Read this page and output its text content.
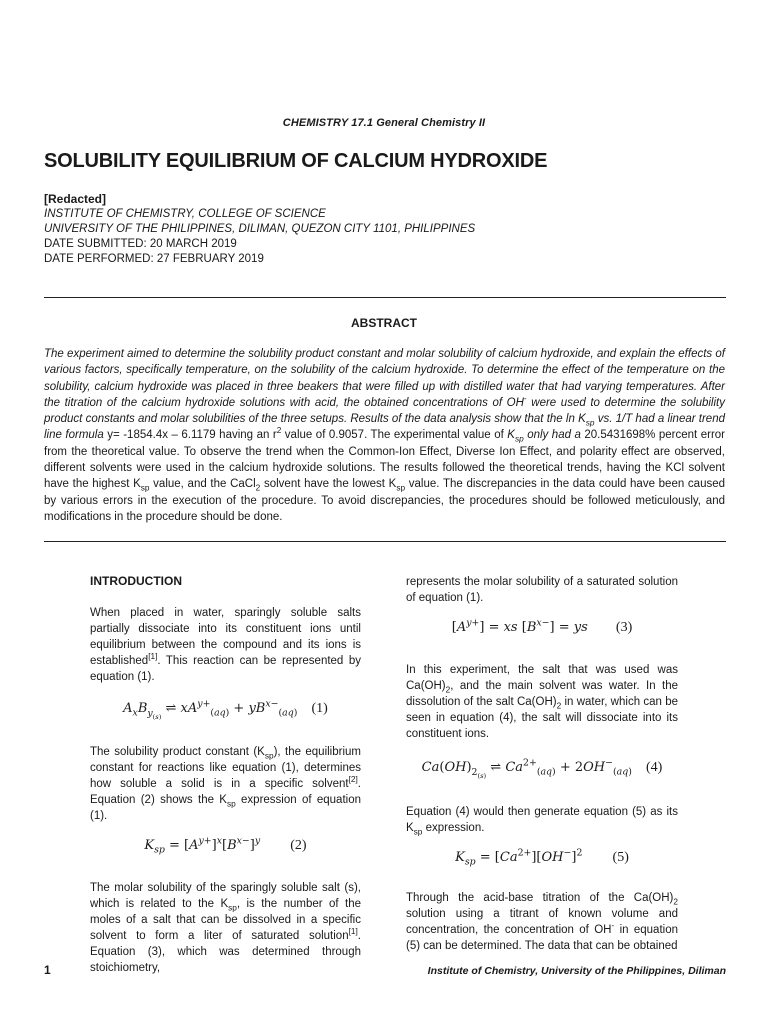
CHEMISTRY 17.1 General Chemistry II
SOLUBILITY EQUILIBRIUM OF CALCIUM HYDROXIDE
[Redacted]
INSTITUTE OF CHEMISTRY, COLLEGE OF SCIENCE
UNIVERSITY OF THE PHILIPPINES, DILIMAN, QUEZON CITY 1101, PHILIPPINES
DATE SUBMITTED: 20 MARCH 2019
DATE PERFORMED: 27 FEBRUARY 2019
ABSTRACT

The experiment aimed to determine the solubility product constant and molar solubility of calcium hydroxide, and explain the effects of various factors, specifically temperature, on the solubility of the calcium hydroxide. To determine the effect of the temperature on the solubility, calcium hydroxide was placed in three beakers that were filled up with distilled water that had varying temperatures. After the titration of the calcium hydroxide solutions with acid, the obtained concentrations of OH- were used to determine the solubility product constants and molar solubilities of the three setups. Results of the data analysis show that the $\ln K_{sp}$ vs. 1/T had a linear trend line formula y= -1854.4x – 6.1179 having an $r^2$ value of 0.9057. The experimental value of $K_{sp}$ only had a 20.5431698% percent error from the theoretical value. To observe the trend when the Common-Ion Effect, Diverse Ion Effect, and polarity effect are observed, different solvents were used in the calcium hydroxide solutions. The results followed the theoretical trends, having the KCl solvent have the highest $K_{sp}$ value, and the CaCl$_2$ solvent have the lowest $K_{sp}$ value. The discrepancies in the data could have been caused by various errors in the execution of the procedure. To avoid discrepancies, the procedures should be followed meticulously, and modifications in the procedure should be done.

INTRODUCTION

When placed in water, sparingly soluble salts partially dissociate into its constituent ions until equilibrium between the compound and its ions is established[1]. This reaction can be represented by equation (1).

$A_xB_{y_{(s)}}$ ⇌ $xA^{y+}_{(aq)} + yB^{x-}_{(aq)}$ (1)

The solubility product constant $(K_{sp})$, the equilibrium constant for reactions like equation (1), determines how soluble a solid is in a specific solvent[2]. Equation (2) shows the $K_{sp}$ expression of equation (1).

$K_{sp} = [A^{y+}]^x[B^{x-}]^y$ (2)

The molar solubility of the sparingly soluble salt (s), which is related to the $K_{sp}$, is the number of the moles of a salt that can be dissolved in a specific solvent to form a liter of saturated solution[1]. Equation (3), which was determined through stoichiometry,

represents the molar solubility of a saturated solution of equation (1).

$[A^{y+}]$ = xs $[B^{x-}]$ = ys (3)

In this experiment, the salt that was used was $Ca(OH)_2$, and the main solvent was water. In the dissolution of the salt $Ca(OH)_2$ in water, which can be seen in equation (4), the salt will dissociate into its constituent ions.

$Ca(OH)_{2_{(s)}}$ ⇌ $Ca^{2+}_{(aq)} + 2OH^-_{(aq)}$ (4)

Equation (4) would then generate equation (5) as its $K_{sp}$ expression.

$K_{sp} = [Ca^{2+}][OH^-]^2$ (5)

Through the acid-base titration of the $Ca(OH)_2$ solution using a titrant of known volume and concentration, the concentration of OH- in equation (5) can be determined. The data that can be obtained

1	Institute of Chemistry, University of the Philippines, Diliman
